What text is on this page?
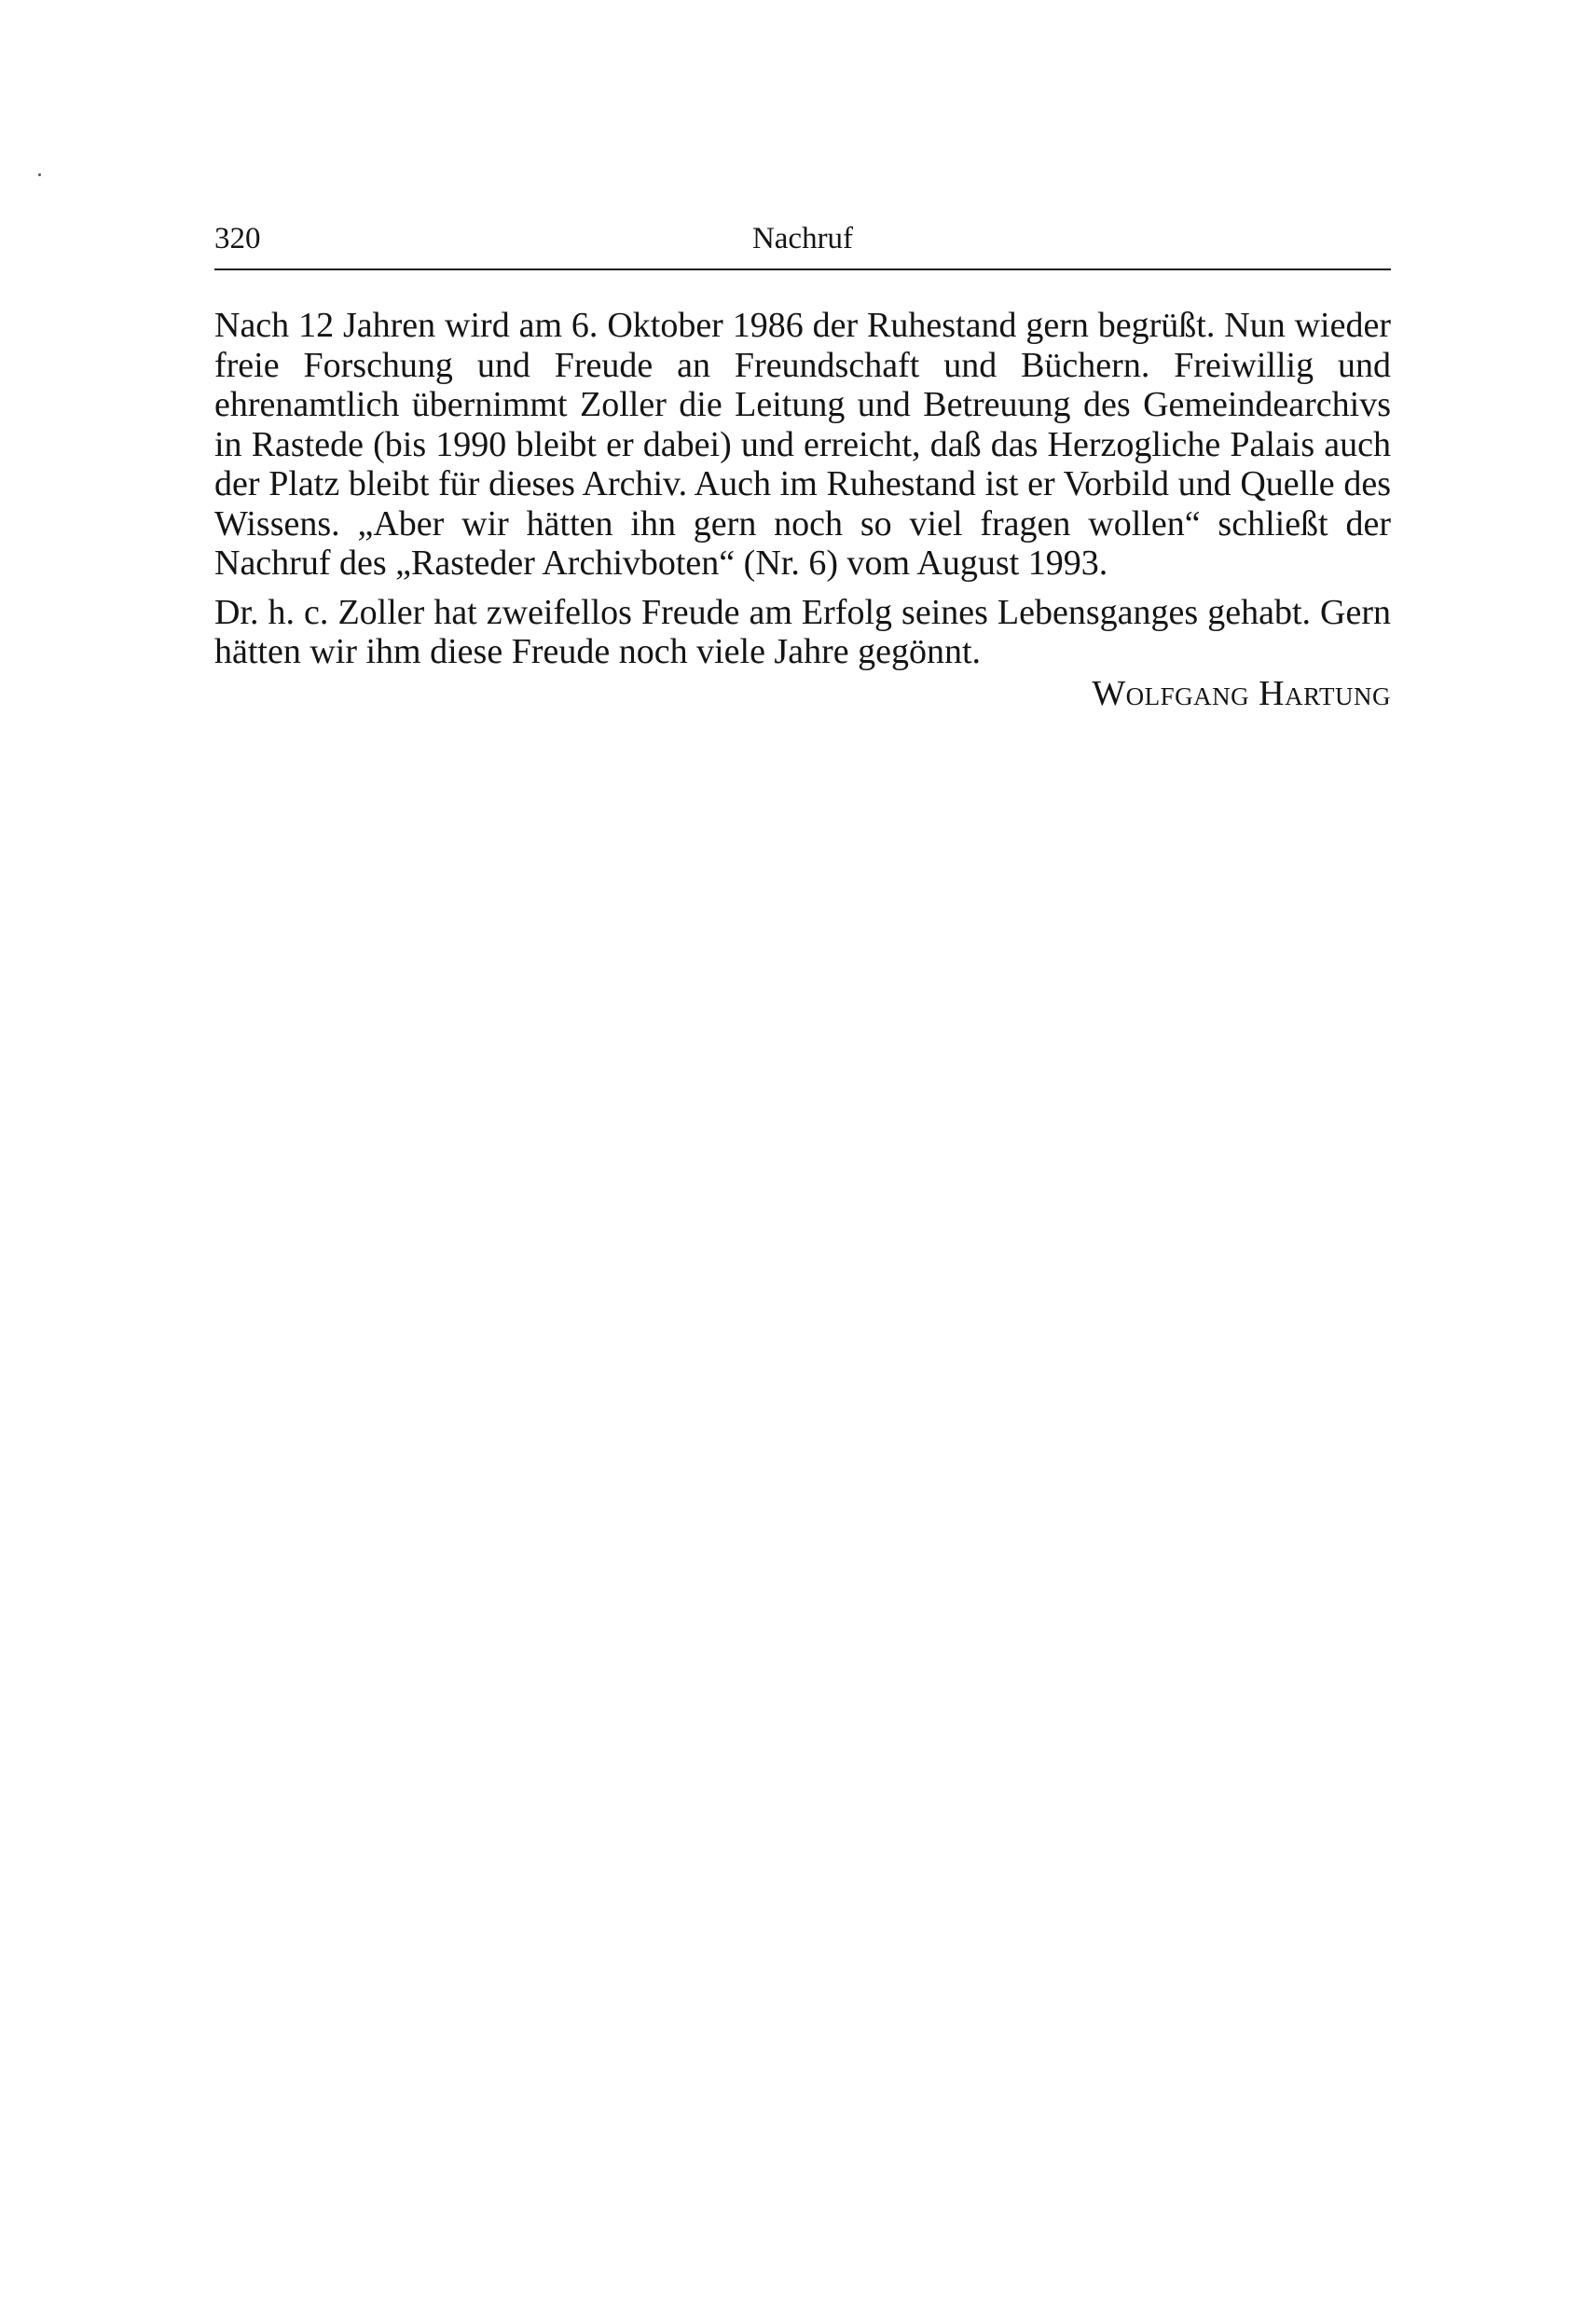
320	Nachruf

Nach 12 Jahren wird am 6. Oktober 1986 der Ruhestand gern begrüßt. Nun wieder freie Forschung und Freude an Freundschaft und Büchern. Freiwillig und ehrenamtlich übernimmt Zoller die Leitung und Betreuung des Gemeindearchivs in Rastede (bis 1990 bleibt er dabei) und erreicht, daß das Herzogliche Palais auch der Platz bleibt für dieses Archiv. Auch im Ruhestand ist er Vorbild und Quelle des Wissens. „Aber wir hätten ihn gern noch so viel fragen wollen“ schließt der Nachruf des „Rasteder Archivboten“ (Nr. 6) vom August 1993.

Dr. h. c. Zoller hat zweifellos Freude am Erfolg seines Lebensganges gehabt. Gern hätten wir ihm diese Freude noch viele Jahre gegönnt.

Wolfgang Hartung
